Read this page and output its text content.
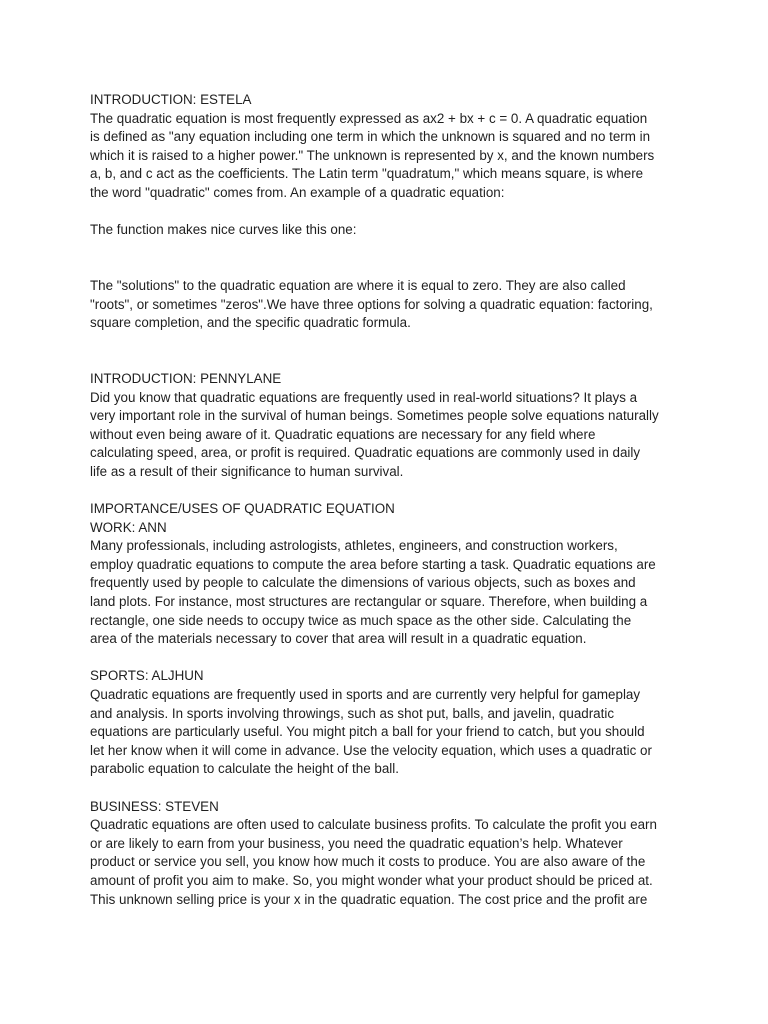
INTRODUCTION: ESTELA
The quadratic equation is most frequently expressed as ax2 + bx + c = 0. A quadratic equation
is defined as "any equation including one term in which the unknown is squared and no term in
which it is raised to a higher power." The unknown is represented by x, and the known numbers
a, b, and c act as the coefficients. The Latin term "quadratum," which means square, is where
the word "quadratic" comes from. An example of a quadratic equation:
The function makes nice curves like this one:
The "solutions" to the quadratic equation are where it is equal to zero. They are also called
"roots", or sometimes "zeros".We have three options for solving a quadratic equation: factoring,
square completion, and the specific quadratic formula.
INTRODUCTION: PENNYLANE
Did you know that quadratic equations are frequently used in real-world situations? It plays a
very important role in the survival of human beings. Sometimes people solve equations naturally
without even being aware of it. Quadratic equations are necessary for any field where
calculating speed, area, or profit is required. Quadratic equations are commonly used in daily
life as a result of their significance to human survival.
IMPORTANCE/USES OF QUADRATIC EQUATION
WORK: ANN
Many professionals, including astrologists, athletes, engineers, and construction workers,
employ quadratic equations to compute the area before starting a task. Quadratic equations are
frequently used by people to calculate the dimensions of various objects, such as boxes and
land plots. For instance, most structures are rectangular or square. Therefore, when building a
rectangle, one side needs to occupy twice as much space as the other side. Calculating the
area of the materials necessary to cover that area will result in a quadratic equation.
SPORTS: ALJHUN
Quadratic equations are frequently used in sports and are currently very helpful for gameplay
and analysis. In sports involving throwings, such as shot put, balls, and javelin, quadratic
equations are particularly useful. You might pitch a ball for your friend to catch, but you should
let her know when it will come in advance. Use the velocity equation, which uses a quadratic or
parabolic equation to calculate the height of the ball.
BUSINESS: STEVEN
Quadratic equations are often used to calculate business profits. To calculate the profit you earn
or are likely to earn from your business, you need the quadratic equation’s help. Whatever
product or service you sell, you know how much it costs to produce. You are also aware of the
amount of profit you aim to make. So, you might wonder what your product should be priced at.
This unknown selling price is your x in the quadratic equation. The cost price and the profit are
